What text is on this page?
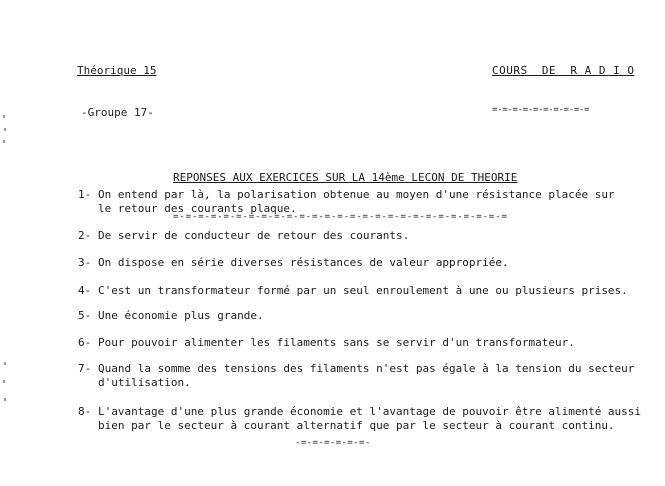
Théorique 15

-Groupe 17-

COURS  DE  R A D I O

=-=-=-=-=-=-=-=-=-=

REPONSES AUX EXERCICES SUR LA 14ème LECON DE THEORIE

=-=-=-=-=-=-=-=-=-=-=-=-=-=-=-=-=-=-=-=-=-=-=-=-=-=-=

1- On entend par là, la polarisation obtenue au moyen d'une résistance placée sur
le retour des courants plaque.
2- De servir de conducteur de retour des courants.
3- On dispose en série diverses résistances de valeur appropriée.
4- C'est un transformateur formé par un seul enroulement à une ou plusieurs prises.
5- Une économie plus grande.
6- Pour pouvoir alimenter les filaments sans se servir d'un transformateur.
7- Quand la somme des tensions des filaments n'est pas égale à la tension du secteur
d'utilisation.
8- L'avantage d'une plus grande économie et l'avantage de pouvoir être alimenté aussi
bien par le secteur à courant alternatif que par le secteur à courant continu.
-=-=-=-=-=-=-
